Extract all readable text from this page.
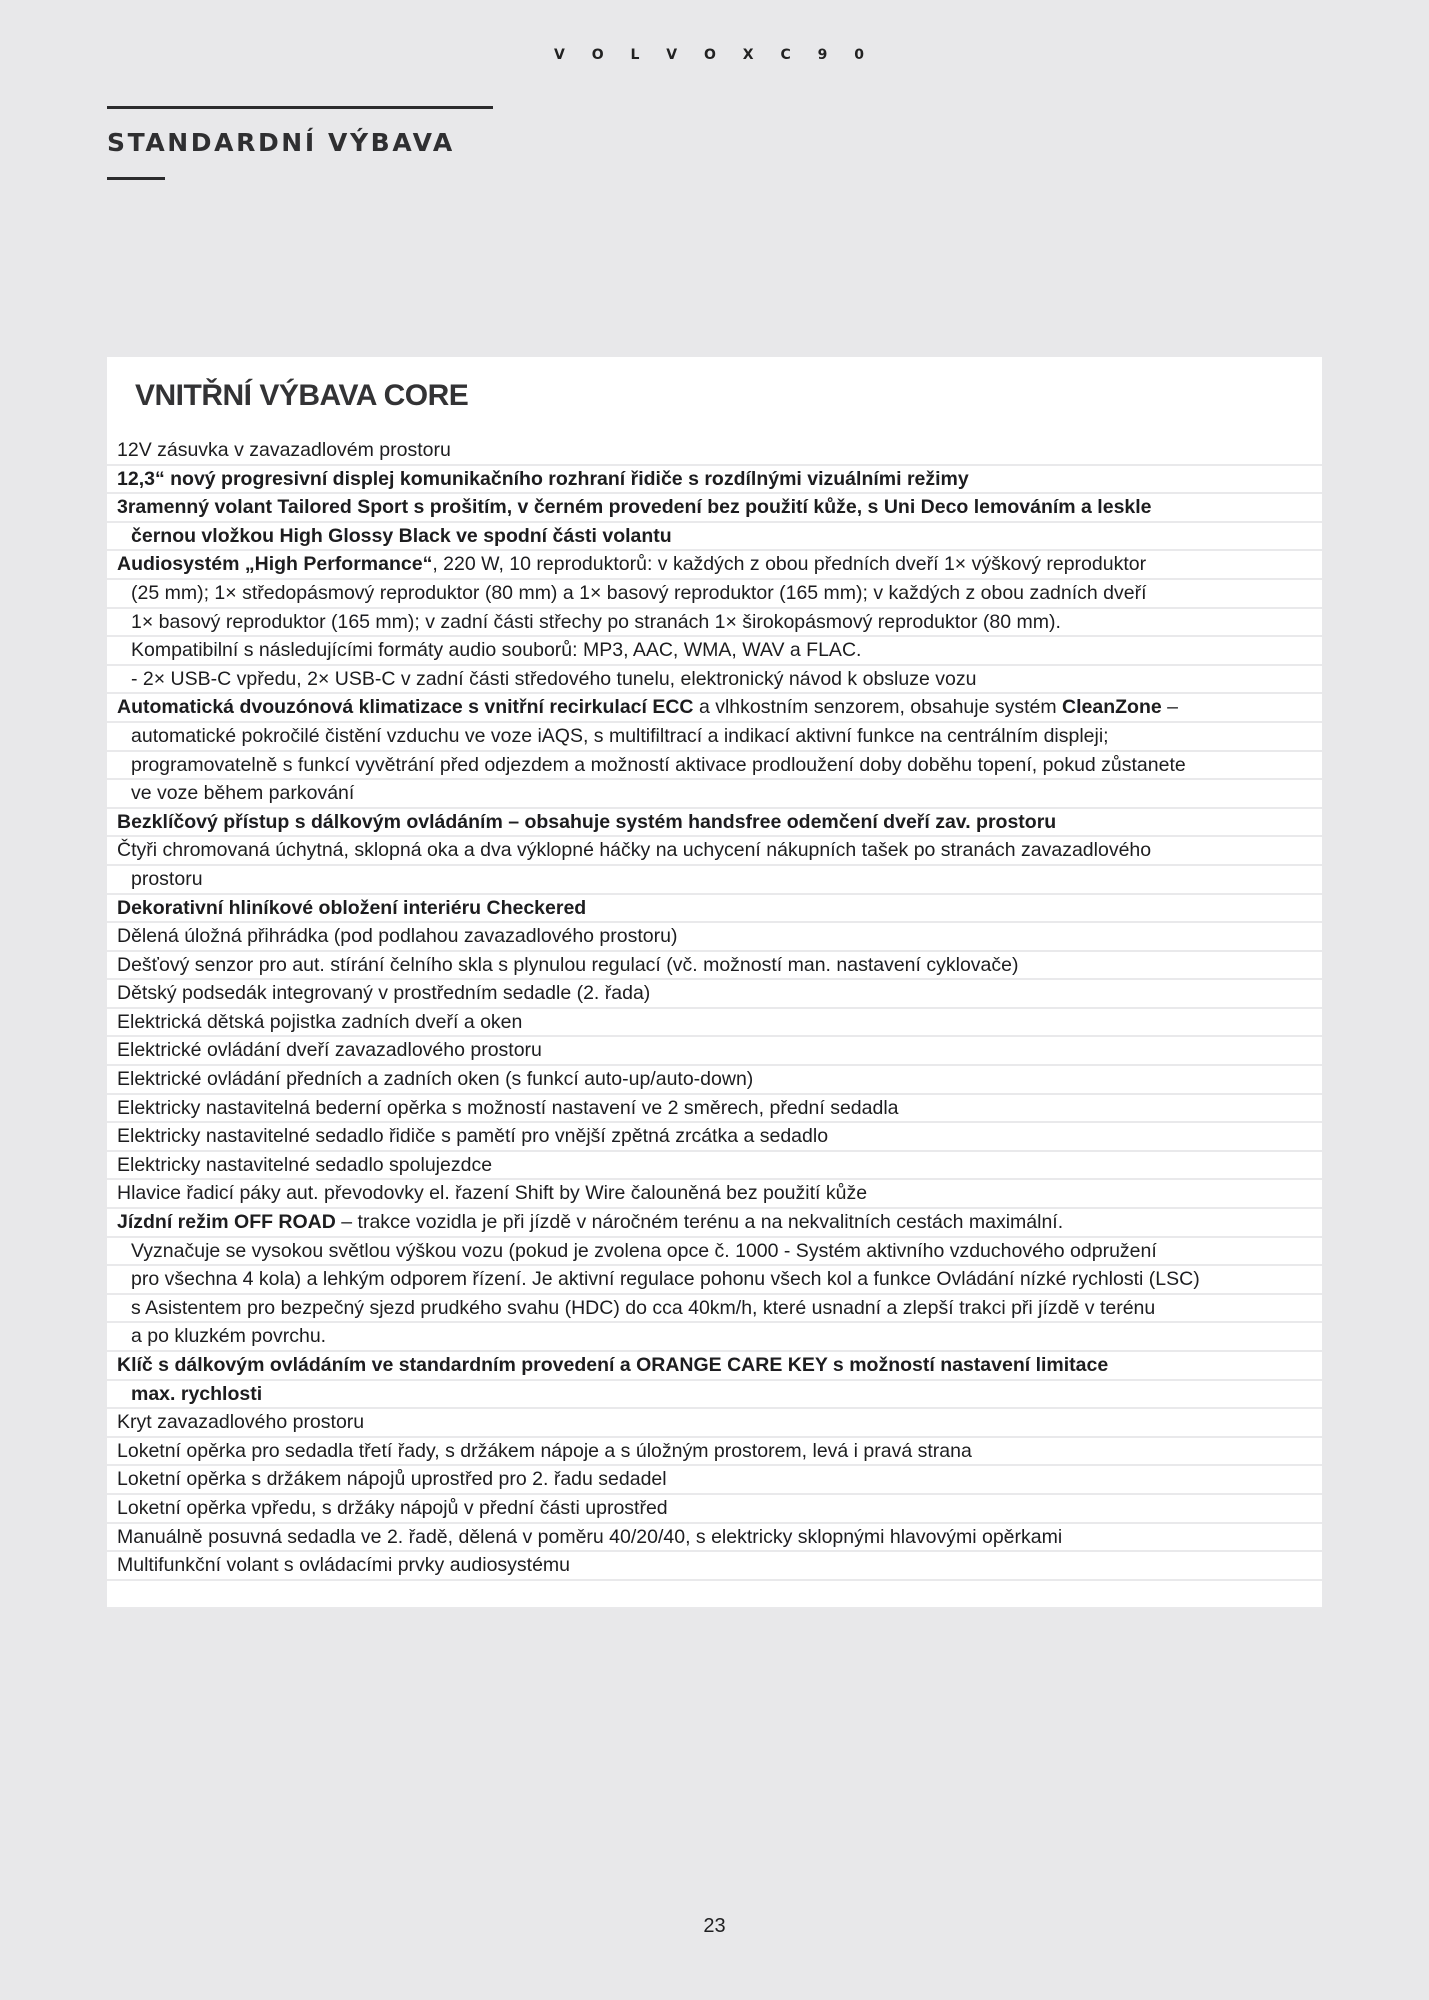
V O L V O X C 9 0
STANDARDNÍ VÝBAVA
VNITŘNÍ VÝBAVA CORE
12V zásuvka v zavazadlovém prostoru
12,3“ nový progresivní displej komunikačního rozhraní řidiče s rozdílnými vizuálními režimy
3ramenný volant Tailored Sport s prošitím, v černém provedení bez použití kůže, s Uni Deco lemováním a leskle
černou vložkou High Glossy Black ve spodní části volantu
Audiosystém „High Performance“, 220 W, 10 reproduktorů: v každých z obou předních dveří 1× výškový reproduktor
(25 mm); 1× středopásmový reproduktor (80 mm) a 1× basový reproduktor (165 mm); v každých z obou zadních dveří
1× basový reproduktor (165 mm); v zadní části střechy po stranách 1× širokopásmový reproduktor (80 mm).
Kompatibilní s následujícími formáty audio souborů: MP3, AAC, WMA, WAV a FLAC.
- 2× USB-C vpředu, 2× USB-C v zadní části středového tunelu, elektronický návod k obsluze vozu
Automatická dvouzónová klimatizace s vnitřní recirkulací ECC a vlhkostním senzorem, obsahuje systém CleanZone –
automatické pokročilé čistění vzduchu ve voze iAQS, s multifiltrací a indikací aktivní funkce na centrálním displeji;
programovatelně s funkcí vyvětrání před odjezdem a možností aktivace prodloužení doby doběhu topení, pokud zůstanete
ve voze během parkování
Bezklíčový přístup s dálkovým ovládáním – obsahuje systém handsfree odemčení dveří zav. prostoru
Čtyři chromovaná úchytná, sklopná oka a dva výklopné háčky na uchycení nákupních tašek po stranách zavazadlového
prostoru
Dekorativní hliníkové obložení interiéru Checkered
Dělená úložná přihrádka (pod podlahou zavazadlového prostoru)
Dešťový senzor pro aut. stírání čelního skla s plynulou regulací (vč. možností man. nastavení cyklovače)
Dětský podsedák integrovaný v prostředním sedadle (2. řada)
Elektrická dětská pojistka zadních dveří a oken
Elektrické ovládání dveří zavazadlového prostoru
Elektrické ovládání předních a zadních oken (s funkcí auto-up/auto-down)
Elektricky nastavitelná bederní opěrka s možností nastavení ve 2 směrech, přední sedadla
Elektricky nastavitelné sedadlo řidiče s pamětí pro vnější zpětná zrcátka a sedadlo
Elektricky nastavitelné sedadlo spolujezdce
Hlavice řadicí páky aut. převodovky el. řazení Shift by Wire čalouněná bez použití kůže
Jízdní režim OFF ROAD – trakce vozidla je při jízdě v náročném terénu a na nekvalitních cestách maximální.
Vyznačuje se vysokou světlou výškou vozu (pokud je zvolena opce č. 1000 - Systém aktivního vzduchového odpružení
pro všechna 4 kola) a lehkým odporem řízení. Je aktivní regulace pohonu všech kol a funkce Ovládání nízké rychlosti (LSC)
s Asistentem pro bezpečný sjezd prudkého svahu (HDC) do cca 40km/h, které usnadní a zlepší trakci při jízdě v terénu
a po kluzkém povrchu.
Klíč s dálkovým ovládáním ve standardním provedení a ORANGE CARE KEY s možností nastavení limitace
max. rychlosti
Kryt zavazadlového prostoru
Loketní opěrka pro sedadla třetí řady, s držákem nápoje a s úložným prostorem, levá i pravá strana
Loketní opěrka s držákem nápojů uprostřed pro 2. řadu sedadel
Loketní opěrka vpředu, s držáky nápojů v přední části uprostřed
Manuálně posuvná sedadla ve 2. řadě, dělená v poměru 40/20/40, s elektricky sklopnými hlavovými opěrkami
Multifunkční volant s ovládacími prvky audiosystému
23
